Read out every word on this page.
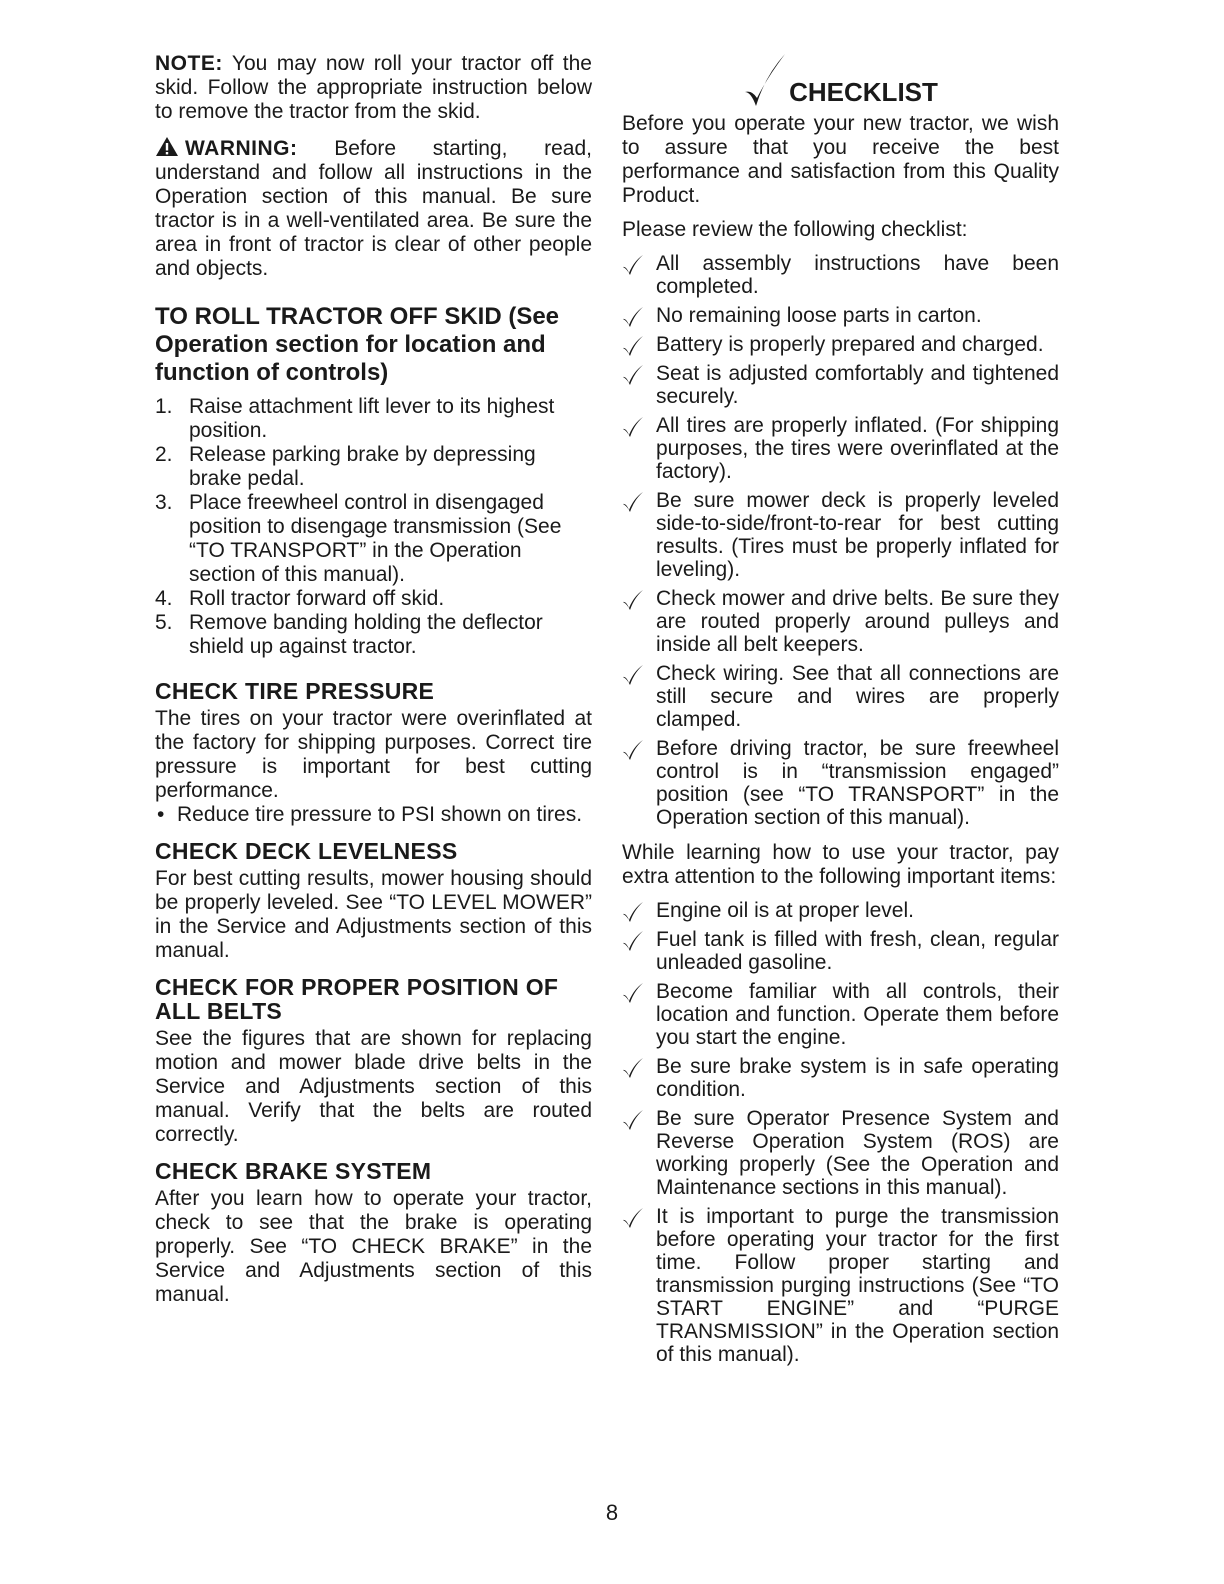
NOTE: You may now roll your tractor off the skid. Follow the appropriate instruction below to remove the tractor from the skid.

WARNING: Before starting, read, understand and follow all instructions in the Operation section of this manual. Be sure tractor is in a well-ventilated area. Be sure the area in front of tractor is clear of other people and objects.

TO ROLL TRACTOR OFF SKID (See Operation section for location and function of controls)
1. Raise attachment lift lever to its highest position.
2. Release parking brake by depressing brake pedal.
3. Place freewheel control in disengaged position to disengage transmission (See “TO TRANSPORT” in the Operation section of this manual).
4. Roll tractor forward off skid.
5. Remove banding holding the deflector shield up against tractor.
CHECK TIRE PRESSURE

The tires on your tractor were overinflated at the factory for shipping purposes. Correct tire pressure is important for best cutting performance.

• Reduce tire pressure to PSI shown on tires.
CHECK DECK LEVELNESS

For best cutting results, mower housing should be properly leveled. See “TO LEVEL MOWER” in the Service and Adjustments section of this manual.

CHECK FOR PROPER POSITION OF ALL BELTS

See the figures that are shown for replacing motion and mower blade drive belts in the Service and Adjustments section of this manual. Verify that the belts are routed correctly.

CHECK BRAKE SYSTEM

After you learn how to operate your tractor, check to see that the brake is operating properly. See “TO CHECK BRAKE” in the Service and Adjustments section of this manual.

CHECKLIST

Before you operate your new tractor, we wish to assure that you receive the best performance and satisfaction from this Quality Product.

Please review the following checklist:

All assembly instructions have been completed.
No remaining loose parts in carton.
Battery is properly prepared and charged.
Seat is adjusted comfortably and tightened securely.
All tires are properly inflated. (For shipping purposes, the tires were overinflated at the factory).
Be sure mower deck is properly leveled side-to-side/front-to-rear for best cutting results. (Tires must be properly inflated for leveling).
Check mower and drive belts. Be sure they are routed properly around pulleys and inside all belt keepers.
Check wiring. See that all connections are still secure and wires are properly clamped.
Before driving tractor, be sure freewheel control is in “transmission engaged” position (see “TO TRANSPORT” in the Operation section of this manual).

While learning how to use your tractor, pay extra attention to the following important items:

Engine oil is at proper level.
Fuel tank is filled with fresh, clean, regular unleaded gasoline.
Become familiar with all controls, their location and function. Operate them before you start the engine.
Be sure brake system is in safe operating condition.
Be sure Operator Presence System and Reverse Operation System (ROS) are working properly (See the Operation and Maintenance sections in this manual).
It is important to purge the transmission before operating your tractor for the first time. Follow proper starting and transmission purging instructions (See “TO START ENGINE” and “PURGE TRANSMISSION” in the Operation section of this manual).
8
